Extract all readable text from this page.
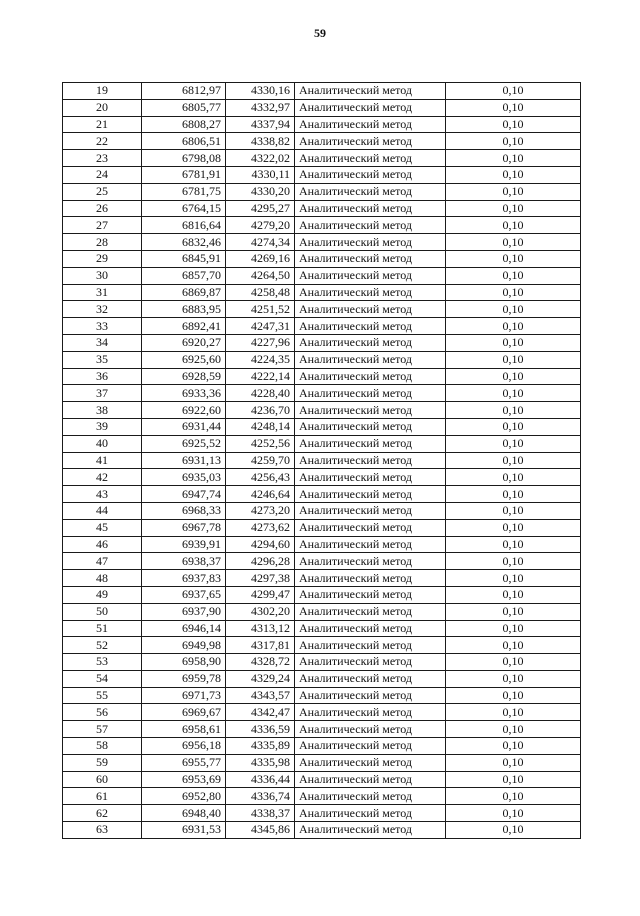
59
19	6812,97	4330,16	Аналитический метод	0,10
20	6805,77	4332,97	Аналитический метод	0,10
21	6808,27	4337,94	Аналитический метод	0,10
22	6806,51	4338,82	Аналитический метод	0,10
23	6798,08	4322,02	Аналитический метод	0,10
24	6781,91	4330,11	Аналитический метод	0,10
25	6781,75	4330,20	Аналитический метод	0,10
26	6764,15	4295,27	Аналитический метод	0,10
27	6816,64	4279,20	Аналитический метод	0,10
28	6832,46	4274,34	Аналитический метод	0,10
29	6845,91	4269,16	Аналитический метод	0,10
30	6857,70	4264,50	Аналитический метод	0,10
31	6869,87	4258,48	Аналитический метод	0,10
32	6883,95	4251,52	Аналитический метод	0,10
33	6892,41	4247,31	Аналитический метод	0,10
34	6920,27	4227,96	Аналитический метод	0,10
35	6925,60	4224,35	Аналитический метод	0,10
36	6928,59	4222,14	Аналитический метод	0,10
37	6933,36	4228,40	Аналитический метод	0,10
38	6922,60	4236,70	Аналитический метод	0,10
39	6931,44	4248,14	Аналитический метод	0,10
40	6925,52	4252,56	Аналитический метод	0,10
41	6931,13	4259,70	Аналитический метод	0,10
42	6935,03	4256,43	Аналитический метод	0,10
43	6947,74	4246,64	Аналитический метод	0,10
44	6968,33	4273,20	Аналитический метод	0,10
45	6967,78	4273,62	Аналитический метод	0,10
46	6939,91	4294,60	Аналитический метод	0,10
47	6938,37	4296,28	Аналитический метод	0,10
48	6937,83	4297,38	Аналитический метод	0,10
49	6937,65	4299,47	Аналитический метод	0,10
50	6937,90	4302,20	Аналитический метод	0,10
51	6946,14	4313,12	Аналитический метод	0,10
52	6949,98	4317,81	Аналитический метод	0,10
53	6958,90	4328,72	Аналитический метод	0,10
54	6959,78	4329,24	Аналитический метод	0,10
55	6971,73	4343,57	Аналитический метод	0,10
56	6969,67	4342,47	Аналитический метод	0,10
57	6958,61	4336,59	Аналитический метод	0,10
58	6956,18	4335,89	Аналитический метод	0,10
59	6955,77	4335,98	Аналитический метод	0,10
60	6953,69	4336,44	Аналитический метод	0,10
61	6952,80	4336,74	Аналитический метод	0,10
62	6948,40	4338,37	Аналитический метод	0,10
63	6931,53	4345,86	Аналитический метод	0,10
